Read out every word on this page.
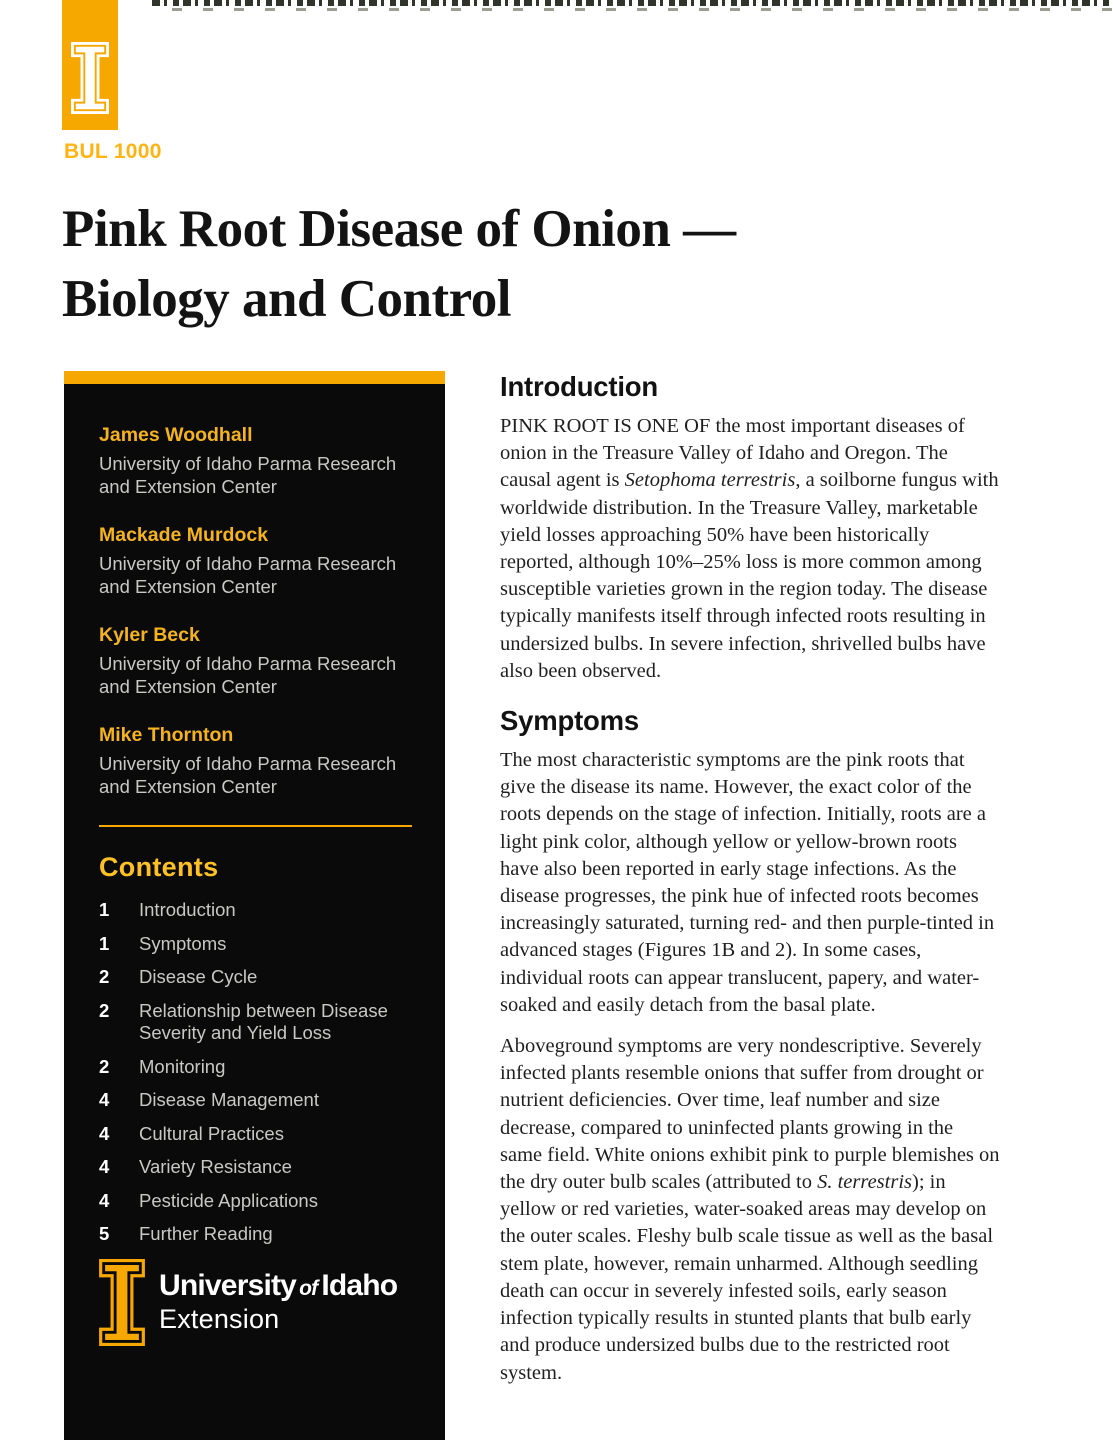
BUL 1000
Pink Root Disease of Onion —
Biology and Control
James Woodhall
University of Idaho Parma Research
and Extension Center
Mackade Murdock
University of Idaho Parma Research
and Extension Center
Kyler Beck
University of Idaho Parma Research
and Extension Center
Mike Thornton
University of Idaho Parma Research
and Extension Center
Contents
1	Introduction
1	Symptoms
2	Disease Cycle
2	Relationship between Disease Severity and Yield Loss
2	Monitoring
4	Disease Management
4	Cultural Practices
4	Variety Resistance
4	Pesticide Applications
5	Further Reading
University of Idaho
Extension
Introduction

PINK ROOT IS ONE OF the most important diseases of onion in the Treasure Valley of Idaho and Oregon. The causal agent is Setophoma terrestris, a soilborne fungus with worldwide distribution. In the Treasure Valley, marketable yield losses approaching 50% have been historically reported, although 10%–25% loss is more common among susceptible varieties grown in the region today. The disease typically manifests itself through infected roots resulting in undersized bulbs. In severe infection, shrivelled bulbs have also been observed.

Symptoms

The most characteristic symptoms are the pink roots that give the disease its name. However, the exact color of the roots depends on the stage of infection. Initially, roots are a light pink color, although yellow or yellow-brown roots have also been reported in early stage infections. As the disease progresses, the pink hue of infected roots becomes increasingly saturated, turning red- and then purple-tinted in advanced stages (Figures 1B and 2). In some cases, individual roots can appear translucent, papery, and water-soaked and easily detach from the basal plate.

Aboveground symptoms are very nondescriptive. Severely infected plants resemble onions that suffer from drought or nutrient deficiencies. Over time, leaf number and size decrease, compared to uninfected plants growing in the same field. White onions exhibit pink to purple blemishes on the dry outer bulb scales (attributed to S. terrestris); in yellow or red varieties, water-soaked areas may develop on the outer scales. Fleshy bulb scale tissue as well as the basal stem plate, however, remain unharmed. Although seedling death can occur in severely infested soils, early season infection typically results in stunted plants that bulb early and produce undersized bulbs due to the restricted root system.
